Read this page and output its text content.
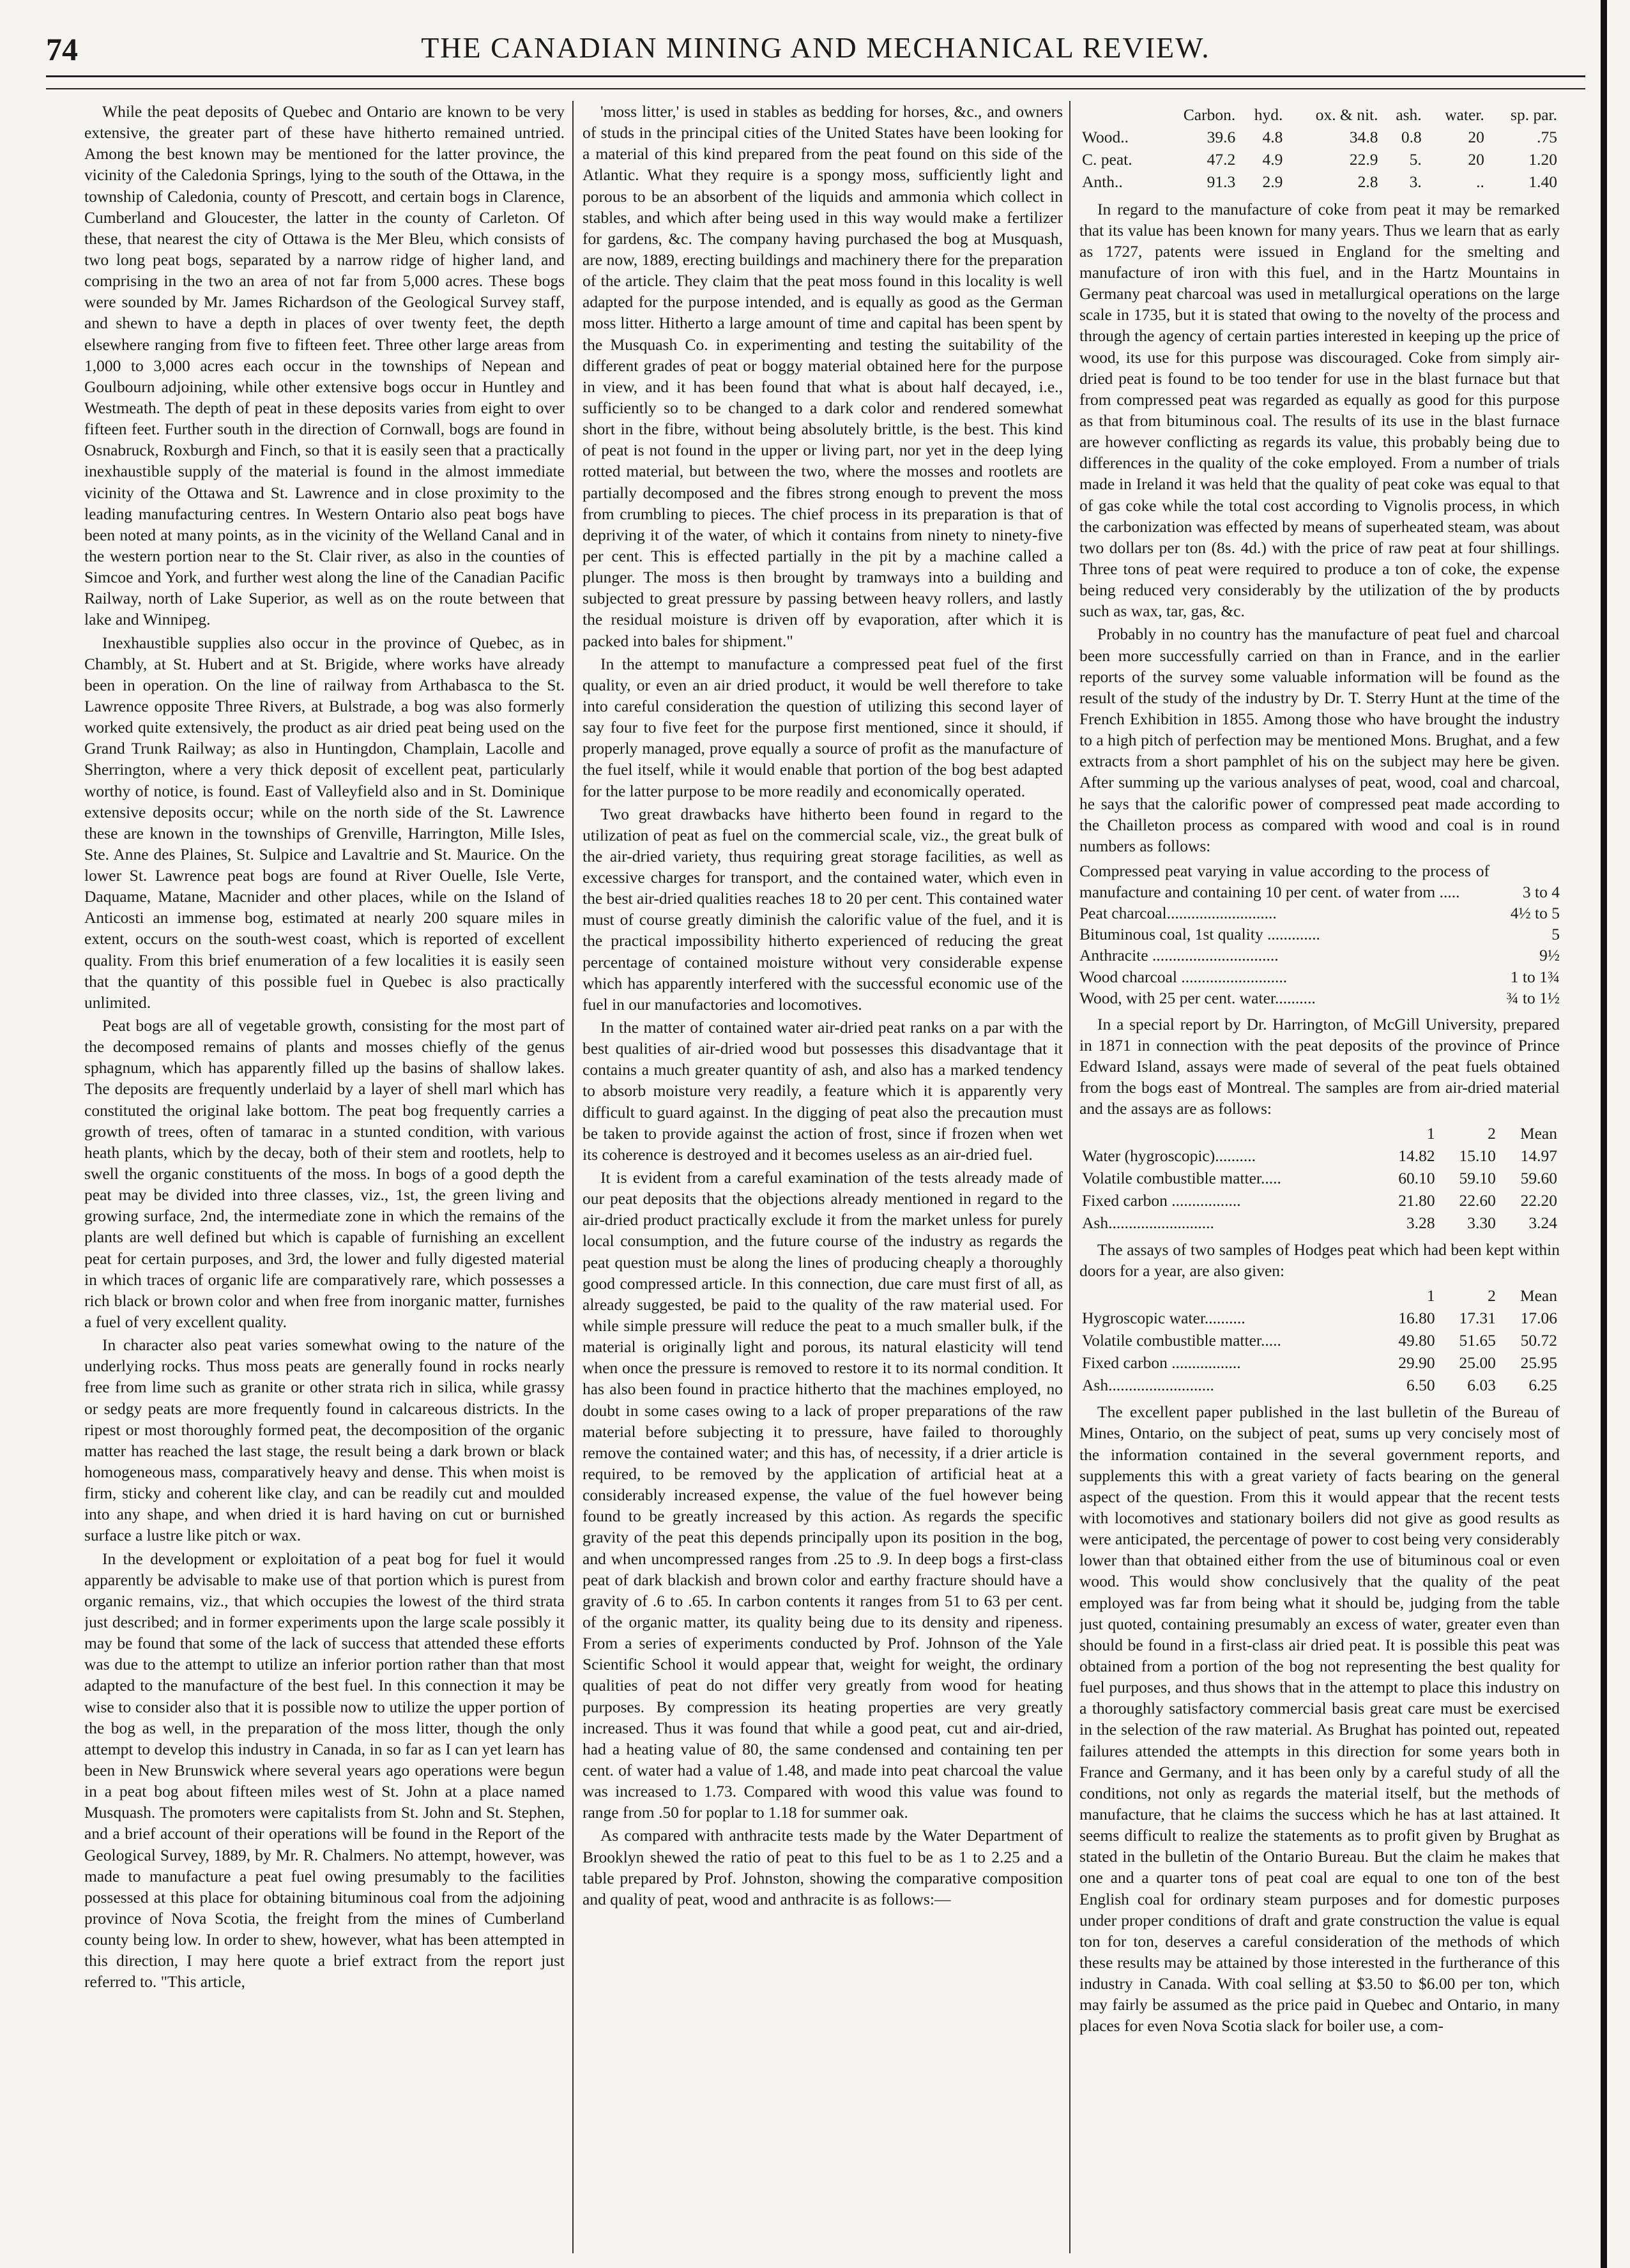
74	THE CANADIAN MINING AND MECHANICAL REVIEW.

While the peat deposits of Quebec and Ontario are known to be very extensive, the greater part of these have hitherto remained untried. Among the best known may be mentioned for the latter province, the vicinity of the Caledonia Springs, lying to the south of the Ottawa, in the township of Caledonia, county of Prescott, and certain bogs in Clarence, Cumberland and Gloucester, the latter in the county of Carleton. Of these, that nearest the city of Ottawa is the Mer Bleu, which consists of two long peat bogs, separated by a narrow ridge of higher land, and comprising in the two an area of not far from 5,000 acres. These bogs were sounded by Mr. James Richardson of the Geological Survey staff, and shewn to have a depth in places of over twenty feet, the depth elsewhere ranging from five to fifteen feet. Three other large areas from 1,000 to 3,000 acres each occur in the townships of Nepean and Goulbourn adjoining, while other extensive bogs occur in Huntley and Westmeath. The depth of peat in these deposits varies from eight to over fifteen feet. Further south in the direction of Cornwall, bogs are found in Osnabruck, Roxburgh and Finch, so that it is easily seen that a practically inexhaustible supply of the material is found in the almost immediate vicinity of the Ottawa and St. Lawrence and in close proximity to the leading manufacturing centres. In Western Ontario also peat bogs have been noted at many points, as in the vicinity of the Welland Canal and in the western portion near to the St. Clair river, as also in the counties of Simcoe and York, and further west along the line of the Canadian Pacific Railway, north of Lake Superior, as well as on the route between that lake and Winnipeg.

Inexhaustible supplies also occur in the province of Quebec, as in Chambly, at St. Hubert and at St. Brigide, where works have already been in operation. On the line of railway from Arthabasca to the St. Lawrence opposite Three Rivers, at Bulstrade, a bog was also formerly worked quite extensively, the product as air dried peat being used on the Grand Trunk Railway; as also in Huntingdon, Champlain, Lacolle and Sherrington, where a very thick deposit of excellent peat, particularly worthy of notice, is found. East of Valleyfield also and in St. Dominique extensive deposits occur; while on the north side of the St. Lawrence these are known in the townships of Grenville, Harrington, Mille Isles, Ste. Anne des Plaines, St. Sulpice and Lavaltrie and St. Maurice. On the lower St. Lawrence peat bogs are found at River Ouelle, Isle Verte, Daquame, Matane, Macnider and other places, while on the Island of Anticosti an immense bog, estimated at nearly 200 square miles in extent, occurs on the south-west coast, which is reported of excellent quality. From this brief enumeration of a few localities it is easily seen that the quantity of this possible fuel in Quebec is also practically unlimited.

Peat bogs are all of vegetable growth, consisting for the most part of the decomposed remains of plants and mosses chiefly of the genus sphagnum, which has apparently filled up the basins of shallow lakes. The deposits are frequently underlaid by a layer of shell marl which has constituted the original lake bottom. The peat bog frequently carries a growth of trees, often of tamarac in a stunted condition, with various heath plants, which by the decay, both of their stem and rootlets, help to swell the organic constituents of the moss. In bogs of a good depth the peat may be divided into three classes, viz., 1st, the green living and growing surface, 2nd, the intermediate zone in which the remains of the plants are well defined but which is capable of furnishing an excellent peat for certain purposes, and 3rd, the lower and fully digested material in which traces of organic life are comparatively rare, which possesses a rich black or brown color and when free from inorganic matter, furnishes a fuel of very excellent quality.

In character also peat varies somewhat owing to the nature of the underlying rocks. Thus moss peats are generally found in rocks nearly free from lime such as granite or other strata rich in silica, while grassy or sedgy peats are more frequently found in calcareous districts. In the ripest or most thoroughly formed peat, the decomposition of the organic matter has reached the last stage, the result being a dark brown or black homogeneous mass, comparatively heavy and dense. This when moist is firm, sticky and coherent like clay, and can be readily cut and moulded into any shape, and when dried it is hard having on cut or burnished surface a lustre like pitch or wax.

In the development or exploitation of a peat bog for fuel it would apparently be advisable to make use of that portion which is purest from organic remains, viz., that which occupies the lowest of the third strata just described; and in former experiments upon the large scale possibly it may be found that some of the lack of success that attended these efforts was due to the attempt to utilize an inferior portion rather than that most adapted to the manufacture of the best fuel. In this connection it may be wise to consider also that it is possible now to utilize the upper portion of the bog as well, in the preparation of the moss litter, though the only attempt to develop this industry in Canada, in so far as I can yet learn has been in New Brunswick where several years ago operations were begun in a peat bog about fifteen miles west of St. John at a place named Musquash. The promoters were capitalists from St. John and St. Stephen, and a brief account of their operations will be found in the Report of the Geological Survey, 1889, by Mr. R. Chalmers. No attempt, however, was made to manufacture a peat fuel owing presumably to the facilities possessed at this place for obtaining bituminous coal from the adjoining province of Nova Scotia, the freight from the mines of Cumberland county being low. In order to shew, however, what has been attempted in this direction, I may here quote a brief extract from the report just referred to. "This article,

'moss litter,' is used in stables as bedding for horses, &c., and owners of studs in the principal cities of the United States have been looking for a material of this kind prepared from the peat found on this side of the Atlantic. What they require is a spongy moss, sufficiently light and porous to be an absorbent of the liquids and ammonia which collect in stables, and which after being used in this way would make a fertilizer for gardens, &c. The company having purchased the bog at Musquash, are now, 1889, erecting buildings and machinery there for the preparation of the article. They claim that the peat moss found in this locality is well adapted for the purpose intended, and is equally as good as the German moss litter. Hitherto a large amount of time and capital has been spent by the Musquash Co. in experimenting and testing the suitability of the different grades of peat or boggy material obtained here for the purpose in view, and it has been found that what is about half decayed, i.e., sufficiently so to be changed to a dark color and rendered somewhat short in the fibre, without being absolutely brittle, is the best. This kind of peat is not found in the upper or living part, nor yet in the deep lying rotted material, but between the two, where the mosses and rootlets are partially decomposed and the fibres strong enough to prevent the moss from crumbling to pieces. The chief process in its preparation is that of depriving it of the water, of which it contains from ninety to ninety-five per cent. This is effected partially in the pit by a machine called a plunger. The moss is then brought by tramways into a building and subjected to great pressure by passing between heavy rollers, and lastly the residual moisture is driven off by evaporation, after which it is packed into bales for shipment."

In the attempt to manufacture a compressed peat fuel of the first quality, or even an air dried product, it would be well therefore to take into careful consideration the question of utilizing this second layer of say four to five feet for the purpose first mentioned, since it should, if properly managed, prove equally a source of profit as the manufacture of the fuel itself, while it would enable that portion of the bog best adapted for the latter purpose to be more readily and economically operated.

Two great drawbacks have hitherto been found in regard to the utilization of peat as fuel on the commercial scale, viz., the great bulk of the air-dried variety, thus requiring great storage facilities, as well as excessive charges for transport, and the contained water, which even in the best air-dried qualities reaches 18 to 20 per cent. This contained water must of course greatly diminish the calorific value of the fuel, and it is the practical impossibility hitherto experienced of reducing the great percentage of contained moisture without very considerable expense which has apparently interfered with the successful economic use of the fuel in our manufactories and locomotives.

In the matter of contained water air-dried peat ranks on a par with the best qualities of air-dried wood but possesses this disadvantage that it contains a much greater quantity of ash, and also has a marked tendency to absorb moisture very readily, a feature which it is apparently very difficult to guard against. In the digging of peat also the precaution must be taken to provide against the action of frost, since if frozen when wet its coherence is destroyed and it becomes useless as an air-dried fuel.

It is evident from a careful examination of the tests already made of our peat deposits that the objections already mentioned in regard to the air-dried product practically exclude it from the market unless for purely local consumption, and the future course of the industry as regards the peat question must be along the lines of producing cheaply a thoroughly good compressed article. In this connection, due care must first of all, as already suggested, be paid to the quality of the raw material used. For while simple pressure will reduce the peat to a much smaller bulk, if the material is originally light and porous, its natural elasticity will tend when once the pressure is removed to restore it to its normal condition. It has also been found in practice hitherto that the machines employed, no doubt in some cases owing to a lack of proper preparations of the raw material before subjecting it to pressure, have failed to thoroughly remove the contained water; and this has, of necessity, if a drier article is required, to be removed by the application of artificial heat at a considerably increased expense, the value of the fuel however being found to be greatly increased by this action. As regards the specific gravity of the peat this depends principally upon its position in the bog, and when uncompressed ranges from .25 to .9. In deep bogs a first-class peat of dark blackish and brown color and earthy fracture should have a gravity of .6 to .65. In carbon contents it ranges from 51 to 63 per cent. of the organic matter, its quality being due to its density and ripeness. From a series of experiments conducted by Prof. Johnson of the Yale Scientific School it would appear that, weight for weight, the ordinary qualities of peat do not differ very greatly from wood for heating purposes. By compression its heating properties are very greatly increased. Thus it was found that while a good peat, cut and air-dried, had a heating value of 80, the same condensed and containing ten per cent. of water had a value of 1.48, and made into peat charcoal the value was increased to 1.73. Compared with wood this value was found to range from .50 for poplar to 1.18 for summer oak.

As compared with anthracite tests made by the Water Department of Brooklyn shewed the ratio of peat to this fuel to be as 1 to 2.25 and a table prepared by Prof. Johnston, showing the comparative composition and quality of peat, wood and anthracite is as follows:—

	Carbon.	hyd.	ox. & nit.	ash.	water.	sp. par.
Wood..	39.6	4.8	34.8	0.8	20	.75
C. peat.	47.2	4.9	22.9	5.	20	1.20
Anth..	91.3	2.9	2.8	3.	..	1.40

In regard to the manufacture of coke from peat it may be remarked that its value has been known for many years. Thus we learn that as early as 1727, patents were issued in England for the smelting and manufacture of iron with this fuel, and in the Hartz Mountains in Germany peat charcoal was used in metallurgical operations on the large scale in 1735, but it is stated that owing to the novelty of the process and through the agency of certain parties interested in keeping up the price of wood, its use for this purpose was discouraged. Coke from simply air-dried peat is found to be too tender for use in the blast furnace but that from compressed peat was regarded as equally as good for this purpose as that from bituminous coal. The results of its use in the blast furnace are however conflicting as regards its value, this probably being due to differences in the quality of the coke employed. From a number of trials made in Ireland it was held that the quality of peat coke was equal to that of gas coke while the total cost according to Vignolis process, in which the carbonization was effected by means of superheated steam, was about two dollars per ton (8s. 4d.) with the price of raw peat at four shillings. Three tons of peat were required to produce a ton of coke, the expense being reduced very considerably by the utilization of the by products such as wax, tar, gas, &c.

Probably in no country has the manufacture of peat fuel and charcoal been more successfully carried on than in France, and in the earlier reports of the survey some valuable information will be found as the result of the study of the industry by Dr. T. Sterry Hunt at the time of the French Exhibition in 1855. Among those who have brought the industry to a high pitch of perfection may be mentioned Mons. Brughat, and a few extracts from a short pamphlet of his on the subject may here be given. After summing up the various analyses of peat, wood, coal and charcoal, he says that the calorific power of compressed peat made according to the Chailleton process as compared with wood and coal is in round numbers as follows:

Compressed peat varying in value according to the process of manufacture and containing 10 per cent. of water from .....	3 to 4
Peat charcoal...........................	4½ to 5
Bituminous coal, 1st quality .............	5
Anthracite ...............................	9½
Wood charcoal ..........................	1 to 1¾
Wood, with 25 per cent. water..........	¾ to 1½

In a special report by Dr. Harrington, of McGill University, prepared in 1871 in connection with the peat deposits of the province of Prince Edward Island, assays were made of several of the peat fuels obtained from the bogs east of Montreal. The samples are from air-dried material and the assays are as follows:

	1	2	Mean
Water (hygroscopic)..........	14.82	15.10	14.97
Volatile combustible matter.....	60.10	59.10	59.60
Fixed carbon .................	21.80	22.60	22.20
Ash..........................	3.28	3.30	3.24

The assays of two samples of Hodges peat which had been kept within doors for a year, are also given:

	1	2	Mean
Hygroscopic water..........	16.80	17.31	17.06
Volatile combustible matter.....	49.80	51.65	50.72
Fixed carbon .................	29.90	25.00	25.95
Ash..........................	6.50	6.03	6.25

The excellent paper published in the last bulletin of the Bureau of Mines, Ontario, on the subject of peat, sums up very concisely most of the information contained in the several government reports, and supplements this with a great variety of facts bearing on the general aspect of the question. From this it would appear that the recent tests with locomotives and stationary boilers did not give as good results as were anticipated, the percentage of power to cost being very considerably lower than that obtained either from the use of bituminous coal or even wood. This would show conclusively that the quality of the peat employed was far from being what it should be, judging from the table just quoted, containing presumably an excess of water, greater even than should be found in a first-class air dried peat. It is possible this peat was obtained from a portion of the bog not representing the best quality for fuel purposes, and thus shows that in the attempt to place this industry on a thoroughly satisfactory commercial basis great care must be exercised in the selection of the raw material. As Brughat has pointed out, repeated failures attended the attempts in this direction for some years both in France and Germany, and it has been only by a careful study of all the conditions, not only as regards the material itself, but the methods of manufacture, that he claims the success which he has at last attained. It seems difficult to realize the statements as to profit given by Brughat as stated in the bulletin of the Ontario Bureau. But the claim he makes that one and a quarter tons of peat coal are equal to one ton of the best English coal for ordinary steam purposes and for domestic purposes under proper conditions of draft and grate construction the value is equal ton for ton, deserves a careful consideration of the methods of which these results may be attained by those interested in the furtherance of this industry in Canada. With coal selling at $3.50 to $6.00 per ton, which may fairly be assumed as the price paid in Quebec and Ontario, in many places for even Nova Scotia slack for boiler use, a com-
